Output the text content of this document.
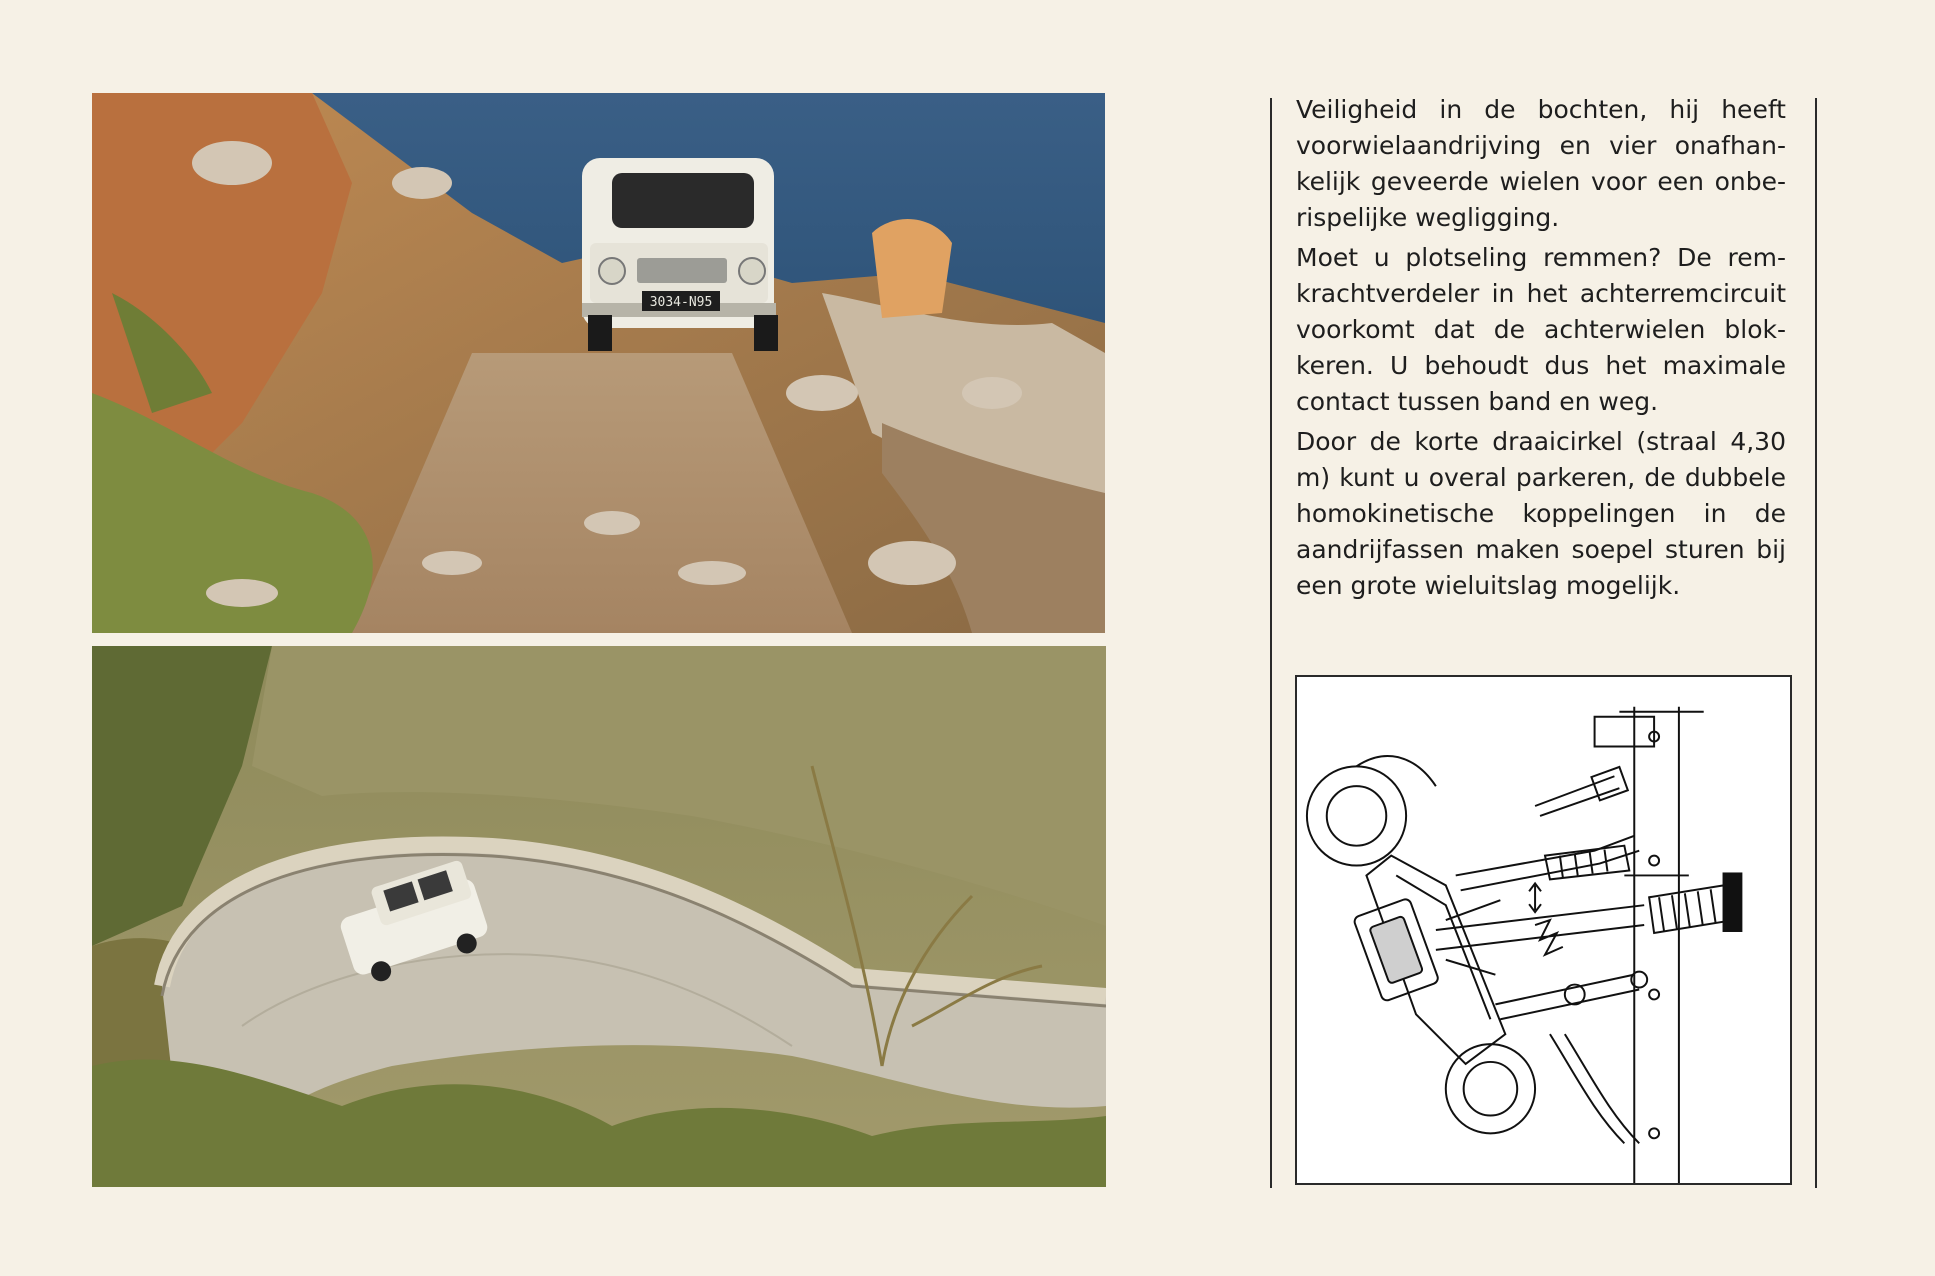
3034-N95

Veiligheid in de bochten, hij heeft voorwielaandrijving en vier onafhan-kelijk geveerde wielen voor een onbe-rispelijke wegligging.

Moet u plotseling remmen? De rem-krachtverdeler in het achterremcircuit voorkomt dat de achterwielen blok-keren. U behoudt dus het maximale contact tussen band en weg.

Door de korte draaicirkel (straal 4,30 m) kunt u overal parkeren, de dubbele homokinetische koppelingen in de aandrijfassen maken soepel sturen bij een grote wieluitslag mogelijk.
